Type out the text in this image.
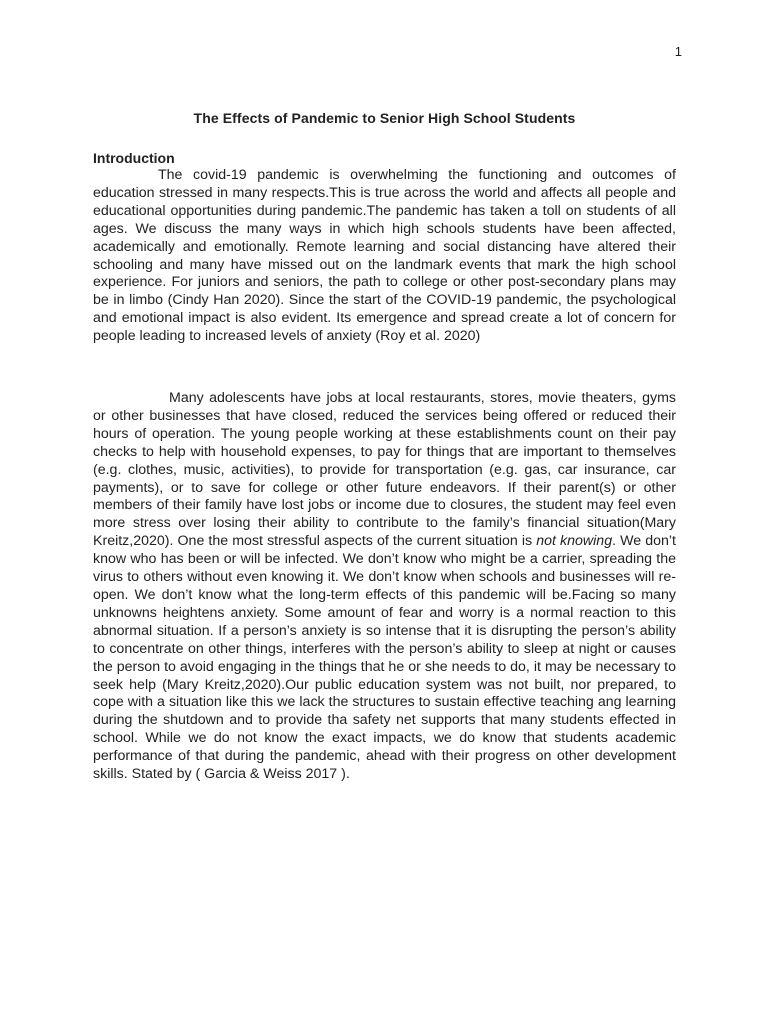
1
The Effects of Pandemic to Senior High School Students
Introduction

The covid-19 pandemic is overwhelming the functioning and outcomes of education stressed in many respects.This is true across the world and affects all people and educational opportunities during pandemic.The pandemic has taken a toll on students of all ages. We discuss the many ways in which high schools students have been affected, academically and emotionally. Remote learning and social distancing have altered their schooling and many have missed out on the landmark events that mark the high school experience. For juniors and seniors, the path to college or other post-secondary plans may be in limbo (Cindy Han 2020). Since the start of the COVID-19 pandemic, the psychological and emotional impact is also evident. Its emergence and spread create a lot of concern for people leading to increased levels of anxiety (Roy et al. 2020)

Many adolescents have jobs at local restaurants, stores, movie theaters, gyms or other businesses that have closed, reduced the services being offered or reduced their hours of operation. The young people working at these establishments count on their pay checks to help with household expenses, to pay for things that are important to themselves (e.g. clothes, music, activities), to provide for transportation (e.g. gas, car insurance, car payments), or to save for college or other future endeavors. If their parent(s) or other members of their family have lost jobs or income due to closures, the student may feel even more stress over losing their ability to contribute to the family’s financial situation(Mary Kreitz,2020). One the most stressful aspects of the current situation is not knowing. We don’t know who has been or will be infected. We don’t know who might be a carrier, spreading the virus to others without even knowing it. We don’t know when schools and businesses will re-open. We don’t know what the long-term effects of this pandemic will be.Facing so many unknowns heightens anxiety. Some amount of fear and worry is a normal reaction to this abnormal situation. If a person’s anxiety is so intense that it is disrupting the person’s ability to concentrate on other things, interferes with the person’s ability to sleep at night or causes the person to avoid engaging in the things that he or she needs to do, it may be necessary to seek help (Mary Kreitz,2020).Our public education system was not built, nor prepared, to cope with a situation like this we lack the structures to sustain effective teaching ang learning during the shutdown and to provide tha safety net supports that many students effected in school. While we do not know the exact impacts, we do know that students academic performance of that during the pandemic, ahead with their progress on other development skills. Stated by ( Garcia & Weiss 2017 ).
